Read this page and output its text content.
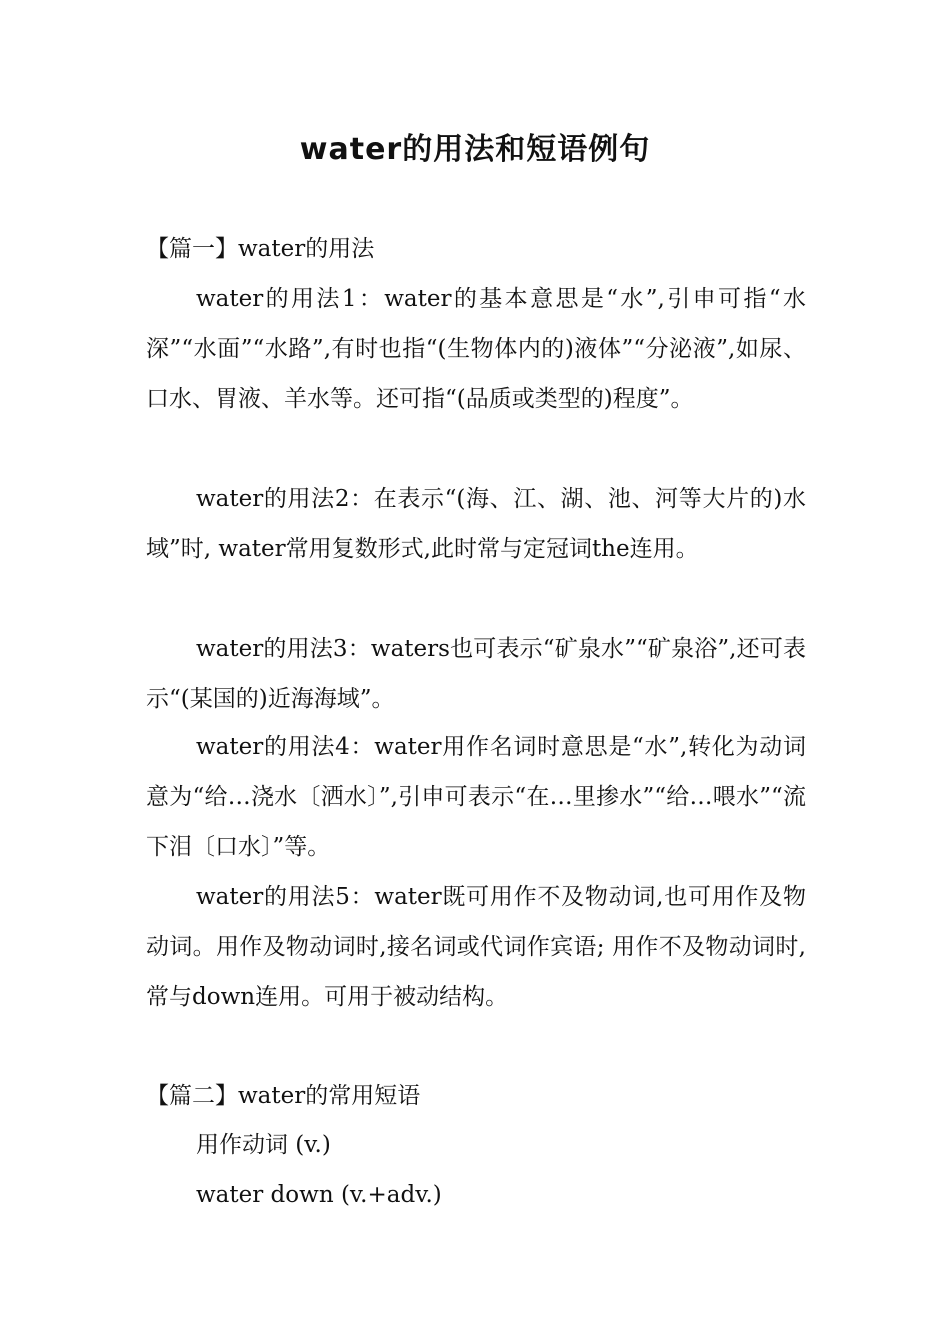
water的用法和短语例句
【篇一】water的用法
water的用法1：water的基本意思是“水”,引申可指“水深”“水面”“水路”,有时也指“(生物体内的)液体”“分泌液”,如尿、口水、胃液、羊水等。还可指“(品质或类型的)程度”。
water的用法2：在表示“(海、江、湖、池、河等大片的)水域”时, water常用复数形式,此时常与定冠词the连用。
water的用法3：waters也可表示“矿泉水”“矿泉浴”,还可表示“(某国的)近海海域”。
water的用法4：water用作名词时意思是“水”,转化为动词意为“给…浇水〔洒水〕”,引申可表示“在…里掺水”“给…喂水”“流下泪〔口水〕”等。
water的用法5：water既可用作不及物动词,也可用作及物动词。用作及物动词时,接名词或代词作宾语; 用作不及物动词时,常与down连用。可用于被动结构。
【篇二】water的常用短语
用作动词 (v.)
water down (v.+adv.)
